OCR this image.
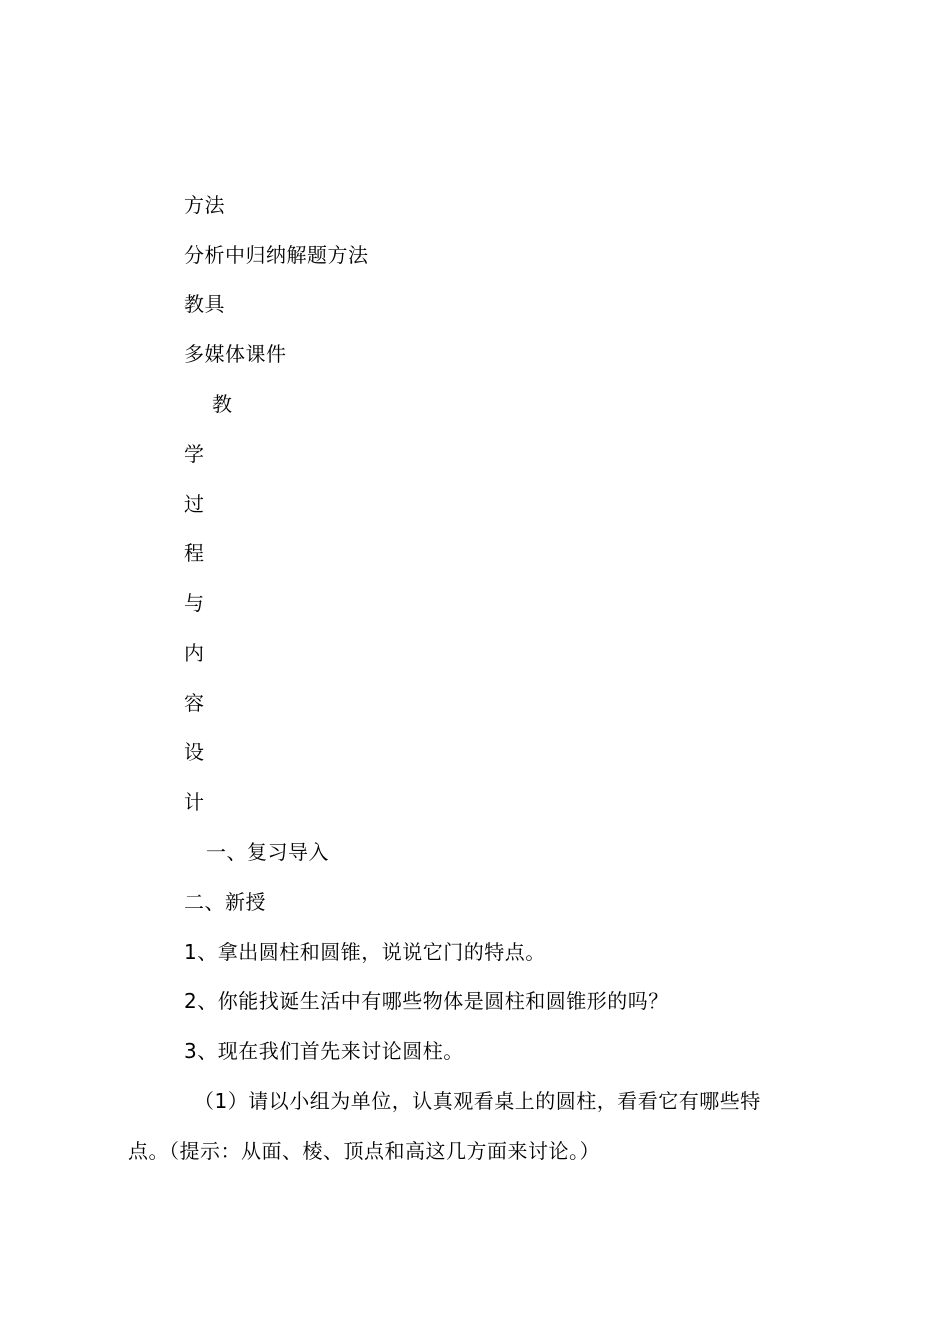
方法
分析中归纳解题方法
教具
多媒体课件
教
学
过
程
与
内
容
设
计
一、复习导入
二、新授
1、拿出圆柱和圆锥，说说它门的特点。
2、你能找诞生活中有哪些物体是圆柱和圆锥形的吗？
3、现在我们首先来讨论圆柱。
（1）请以小组为单位，认真观看桌上的圆柱，看看它有哪些特
点。（提示：从面、棱、顶点和高这几方面来讨论。）
